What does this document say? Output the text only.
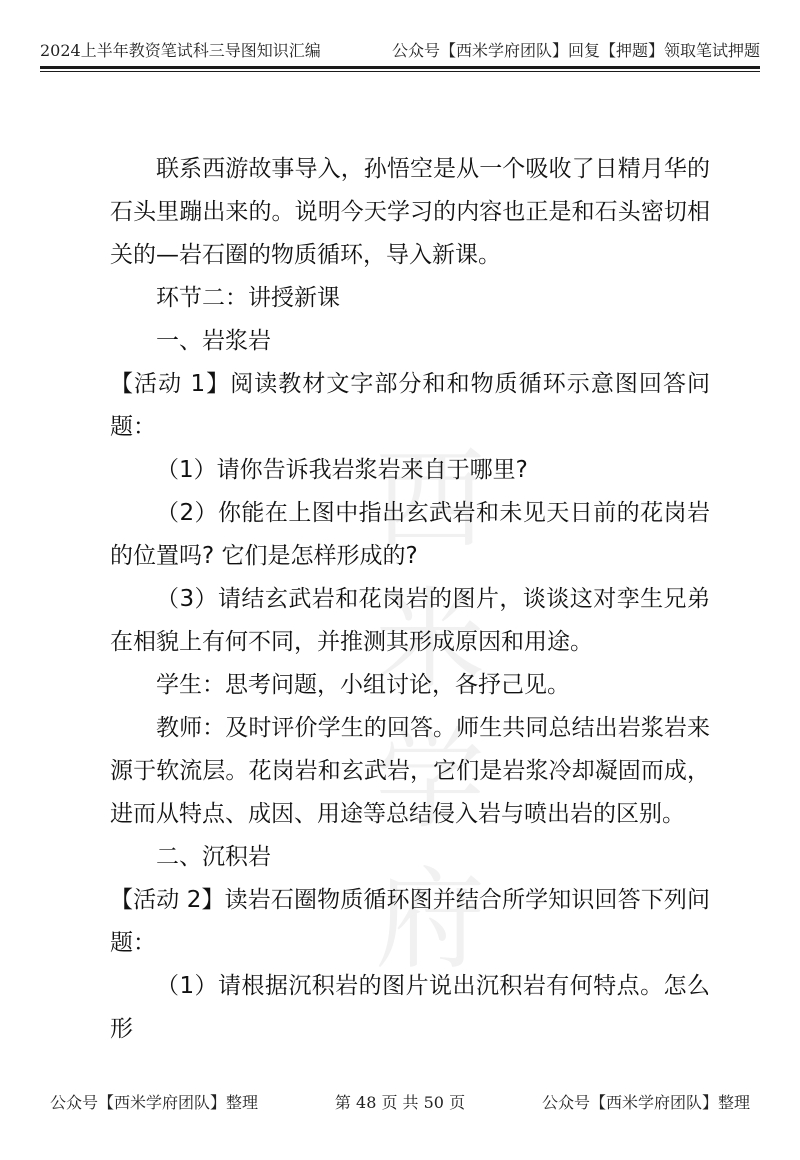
2024上半年教资笔试科三导图知识汇编	公众号【西米学府团队】回复【押题】领取笔试押题
西米学府

联系西游故事导入，孙悟空是从一个吸收了日精月华的石头里蹦出来的。说明今天学习的内容也正是和石头密切相关的—岩石圈的物质循环，导入新课。

环节二：讲授新课

一、岩浆岩

【活动 1】阅读教材文字部分和和物质循环示意图回答问题：

（1）请你告诉我岩浆岩来自于哪里?

（2）你能在上图中指出玄武岩和未见天日前的花岗岩的位置吗? 它们是怎样形成的?

（3）请结玄武岩和花岗岩的图片，谈谈这对孪生兄弟在相貌上有何不同，并推测其形成原因和用途。

学生：思考问题，小组讨论，各抒己见。

教师：及时评价学生的回答。师生共同总结出岩浆岩来源于软流层。花岗岩和玄武岩，它们是岩浆冷却凝固而成，进而从特点、成因、用途等总结侵入岩与喷出岩的区别。

二、沉积岩

【活动 2】读岩石圈物质循环图并结合所学知识回答下列问题：

（1）请根据沉积岩的图片说出沉积岩有何特点。怎么形

公众号【西米学府团队】整理	第 48 页 共 50 页	公众号【西米学府团队】整理
